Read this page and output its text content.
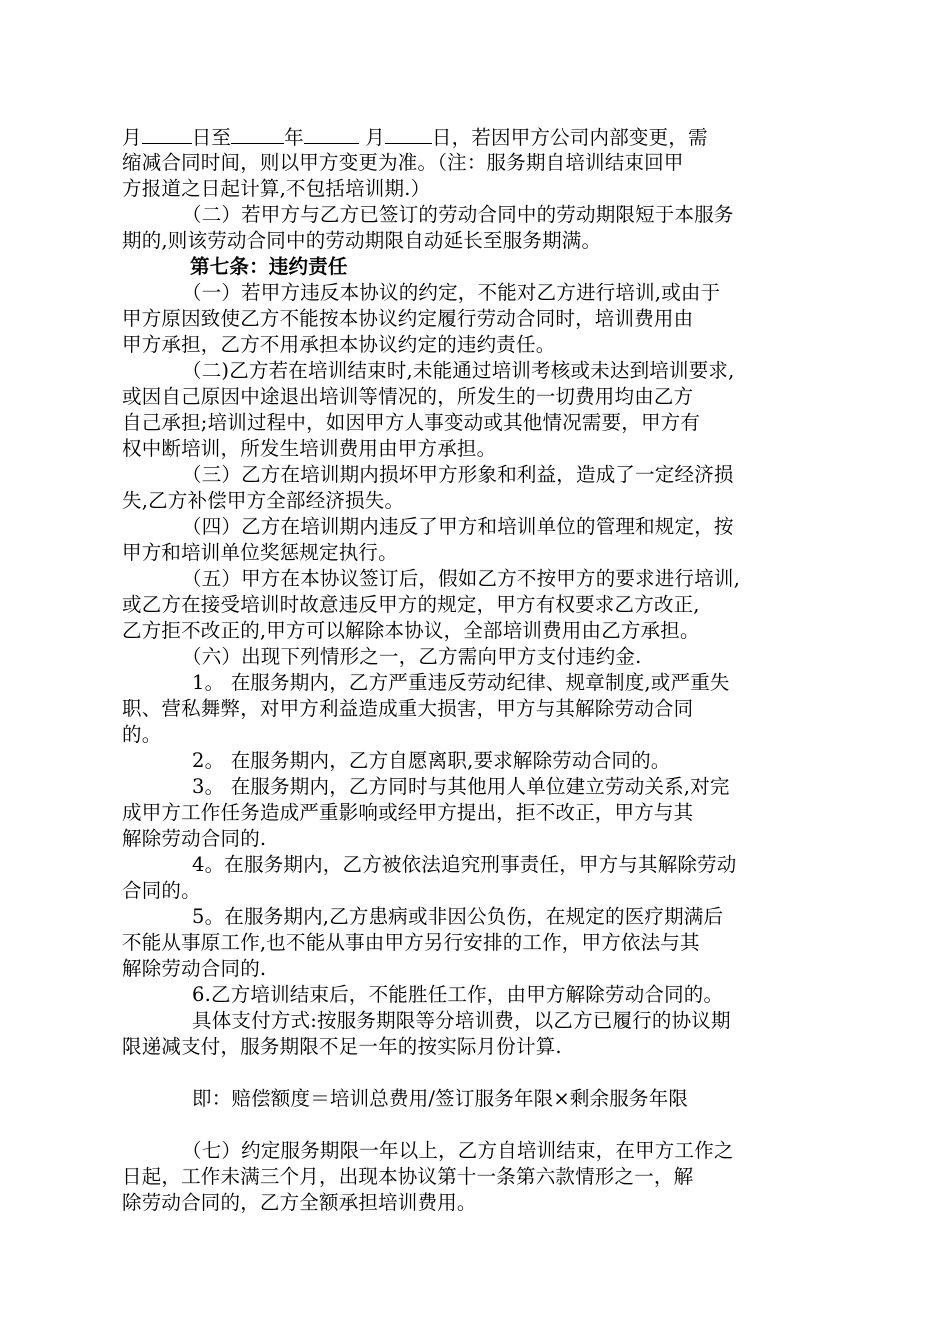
月	日至	年	月 日，若因甲方公司内部变更，需
缩减合同时间，则以甲方变更为准。（注：服务期自培训结束回甲
方报道之日起计算,不包括培训期.）
（二）若甲方与乙方已签订的劳动合同中的劳动期限短于本服务
期的,则该劳动合同中的劳动期限自动延长至服务期满。
第七条：违约责任
（一）若甲方违反本协议的约定，不能对乙方进行培训,或由于
甲方原因致使乙方不能按本协议约定履行劳动合同时，培训费用由
甲方承担，乙方不用承担本协议约定的违约责任。
（二)乙方若在培训结束时,未能通过培训考核或未达到培训要求,
或因自己原因中途退出培训等情况的，所发生的一切费用均由乙方
自己承担;培训过程中，如因甲方人事变动或其他情况需要，甲方有
权中断培训，所发生培训费用由甲方承担。
（三）乙方在培训期内损坏甲方形象和利益，造成了一定经济损
失,乙方补偿甲方全部经济损失。
（四）乙方在培训期内违反了甲方和培训单位的管理和规定，按
甲方和培训单位奖惩规定执行。
（五）甲方在本协议签订后，假如乙方不按甲方的要求进行培训,
或乙方在接受培训时故意违反甲方的规定，甲方有权要求乙方改正,
乙方拒不改正的,甲方可以解除本协议，全部培训费用由乙方承担。
（六）出现下列情形之一，乙方需向甲方支付违约金.
1。 在服务期内，乙方严重违反劳动纪律、规章制度,或严重失
职、营私舞弊，对甲方利益造成重大损害，甲方与其解除劳动合同
的。
2。 在服务期内，乙方自愿离职,要求解除劳动合同的。
3。 在服务期内，乙方同时与其他用人单位建立劳动关系,对完
成甲方工作任务造成严重影响或经甲方提出，拒不改正，甲方与其
解除劳动合同的.
4。在服务期内，乙方被依法追究刑事责任，甲方与其解除劳动
合同的。
5。在服务期内,乙方患病或非因公负伤，在规定的医疗期满后
不能从事原工作,也不能从事由甲方另行安排的工作，甲方依法与其
解除劳动合同的.
6.乙方培训结束后，不能胜任工作，由甲方解除劳动合同的。
具体支付方式:按服务期限等分培训费，以乙方已履行的协议期
限递减支付，服务期限不足一年的按实际月份计算.
即：赔偿额度＝培训总费用/签订服务年限×剩余服务年限
（七）约定服务期限一年以上，乙方自培训结束，在甲方工作之
日起，工作未满三个月，出现本协议第十一条第六款情形之一，解
除劳动合同的，乙方全额承担培训费用。
